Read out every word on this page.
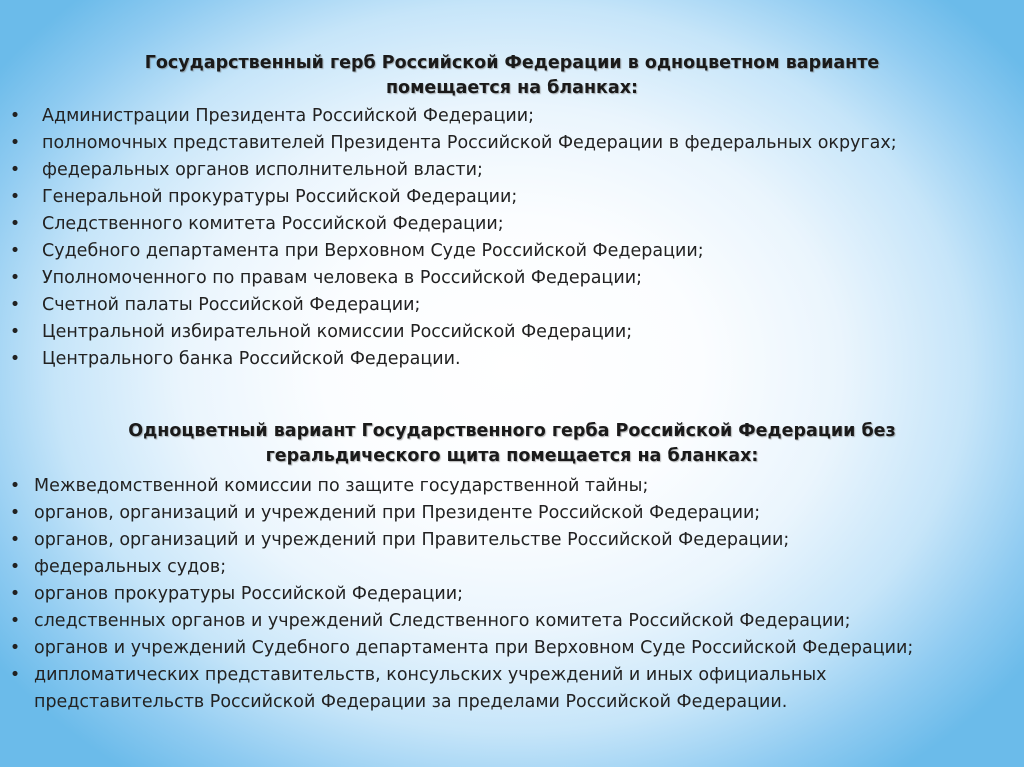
Государственный герб Российской Федерации в одноцветном варианте
помещается на бланках:
• Администрации Президента Российской Федерации;
• полномочных представителей Президента Российской Федерации в федеральных округах;
• федеральных органов исполнительной власти;
• Генеральной прокуратуры Российской Федерации;
• Следственного комитета Российской Федерации;
• Судебного департамента при Верховном Суде Российской Федерации;
• Уполномоченного по правам человека в Российской Федерации;
• Счетной палаты Российской Федерации;
• Центральной избирательной комиссии Российской Федерации;
• Центрального банка Российской Федерации.
Одноцветный вариант Государственного герба Российской Федерации без
геральдического щита помещается на бланках:
• Межведомственной комиссии по защите государственной тайны;
• органов, организаций и учреждений при Президенте Российской Федерации;
• органов, организаций и учреждений при Правительстве Российской Федерации;
• федеральных судов;
• органов прокуратуры Российской Федерации;
• следственных органов и учреждений Следственного комитета Российской Федерации;
• органов и учреждений Судебного департамента при Верховном Суде Российской Федерации;
• дипломатических представительств, консульских учреждений и иных официальных представительств Российской Федерации за пределами Российской Федерации.
